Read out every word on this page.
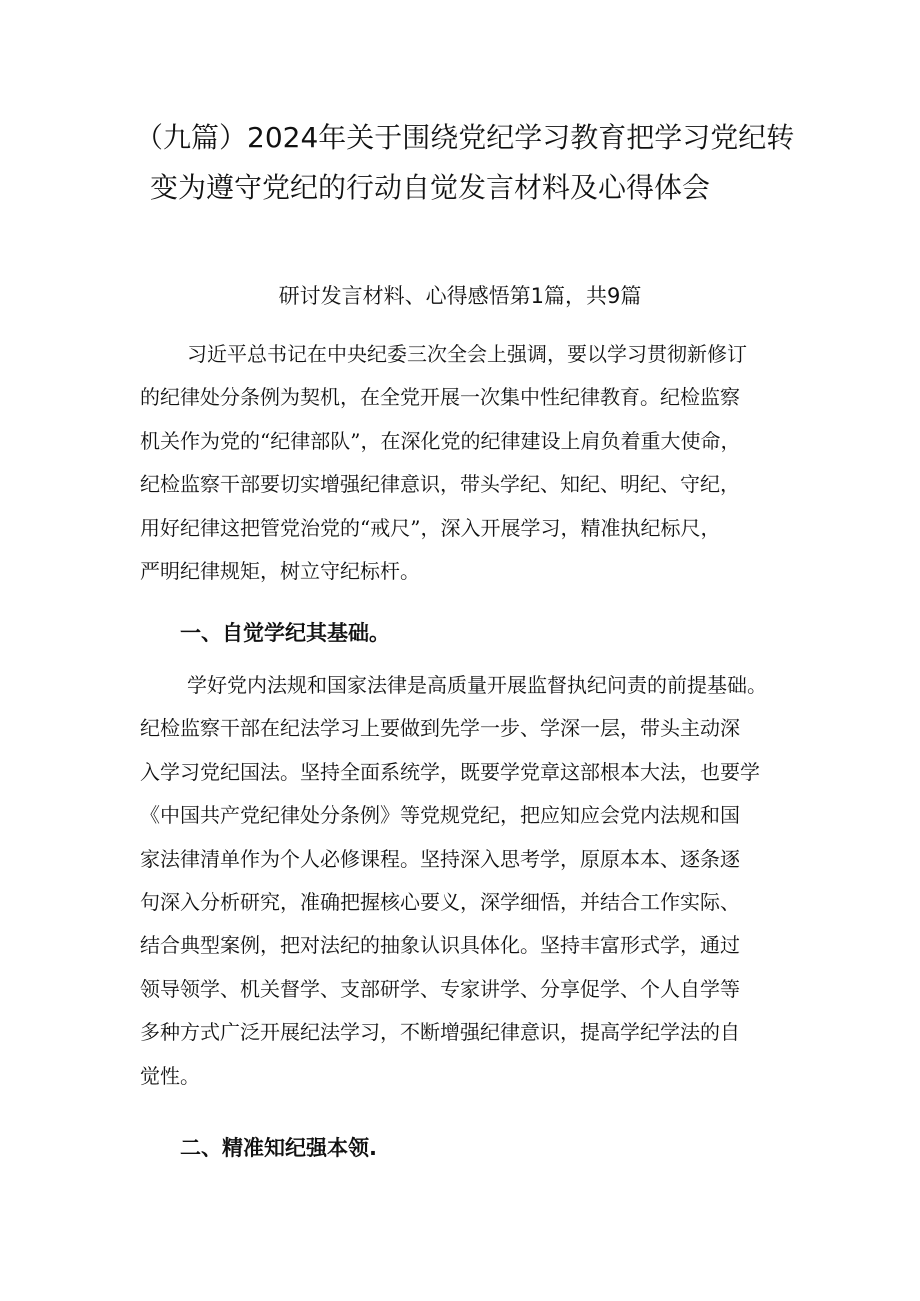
（九篇）2024年关于围绕党纪学习教育把学习党纪转
变为遵守党纪的行动自觉发言材料及心得体会

研讨发言材料、心得感悟第1篇，共9篇

习近平总书记在中央纪委三次全会上强调，要以学习贯彻新修订
的纪律处分条例为契机，在全党开展一次集中性纪律教育。纪检监察
机关作为党的“纪律部队”，在深化党的纪律建设上肩负着重大使命，
纪检监察干部要切实增强纪律意识，带头学纪、知纪、明纪、守纪，
用好纪律这把管党治党的“戒尺”，深入开展学习，精准执纪标尺，
严明纪律规矩，树立守纪标杆。

一、自觉学纪其基础。

学好党内法规和国家法律是高质量开展监督执纪问责的前提基础。
纪检监察干部在纪法学习上要做到先学一步、学深一层，带头主动深
入学习党纪国法。坚持全面系统学，既要学党章这部根本大法，也要学
《中国共产党纪律处分条例》等党规党纪，把应知应会党内法规和国
家法律清单作为个人必修课程。坚持深入思考学，原原本本、逐条逐
句深入分析研究，准确把握核心要义，深学细悟，并结合工作实际、
结合典型案例，把对法纪的抽象认识具体化。坚持丰富形式学，通过
领导领学、机关督学、支部研学、专家讲学、分享促学、个人自学等
多种方式广泛开展纪法学习，不断增强纪律意识，提高学纪学法的自
觉性。

二、精准知纪强本领.
